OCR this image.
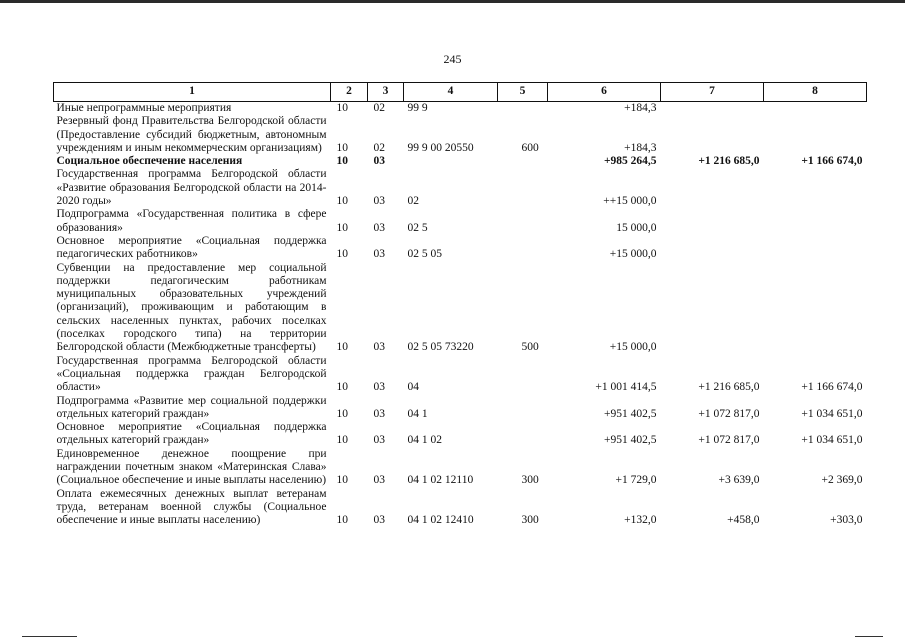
245
1	2	3	4	5	6	7	8
Иные непрограммные мероприятия	10	02	99 9		+184,3		
Резервный фонд Правительства Белгородской области (Предоставление субсидий бюджетным, автономным учреждениям и иным некоммерческим организациям)	10	02	99 9 00 20550	600	+184,3		
Социальное обеспечение населения	10	03			+985 264,5	+1 216 685,0	+1 166 674,0
Государственная программа Белгородской области «Развитие образования Белгородской области на 2014-2020 годы»	10	03	02		++15 000,0		
Подпрограмма «Государственная политика в сфере образования»	10	03	02 5		15 000,0		
Основное мероприятие «Социальная поддержка педагогических работников»	10	03	02 5 05		+15 000,0		
Субвенции на предоставление мер социальной поддержки педагогическим работникам муниципальных образовательных учреждений (организаций), проживающим и работающим в сельских населенных пунктах, рабочих поселках (поселках городского типа) на территории Белгородской области (Межбюджетные трансферты)	10	03	02 5 05 73220	500	+15 000,0		
Государственная программа Белгородской области «Социальная поддержка граждан Белгородской области»	10	03	04		+1 001 414,5	+1 216 685,0	+1 166 674,0
Подпрограмма «Развитие мер социальной поддержки отдельных категорий граждан»	10	03	04 1		+951 402,5	+1 072 817,0	+1 034 651,0
Основное мероприятие «Социальная поддержка отдельных категорий граждан»	10	03	04 1 02		+951 402,5	+1 072 817,0	+1 034 651,0
Единовременное денежное поощрение при награждении почетным знаком «Материнская Слава» (Социальное обеспечение и иные выплаты населению)	10	03	04 1 02 12110	300	+1 729,0	+3 639,0	+2 369,0
Оплата ежемесячных денежных выплат ветеранам труда, ветеранам военной службы (Социальное обеспечение и иные выплаты населению)	10	03	04 1 02 12410	300	+132,0	+458,0	+303,0
